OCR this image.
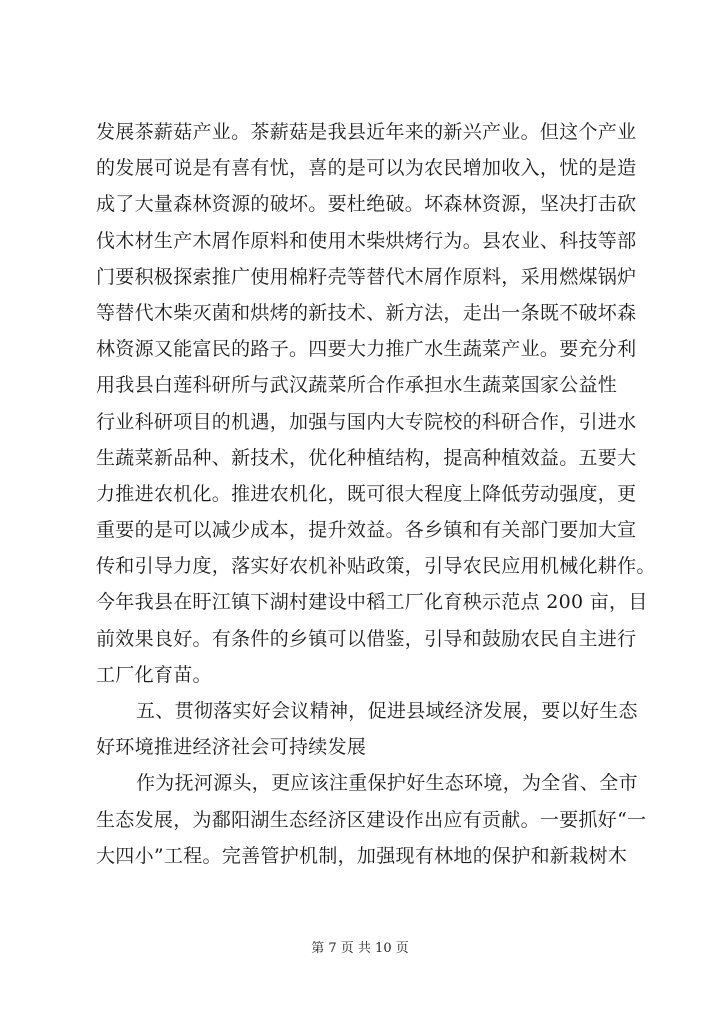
发展茶薪菇产业。茶薪菇是我县近年来的新兴产业。但这个产业
的发展可说是有喜有忧，喜的是可以为农民增加收入，忧的是造
成了大量森林资源的破坏。要杜绝破。坏森林资源，坚决打击砍
伐木材生产木屑作原料和使用木柴烘烤行为。县农业、科技等部
门要积极探索推广使用棉籽壳等替代木屑作原料，采用燃煤锅炉
等替代木柴灭菌和烘烤的新技术、新方法，走出一条既不破坏森
林资源又能富民的路子。四要大力推广水生蔬菜产业。要充分利
用我县白莲科研所与武汉蔬菜所合作承担水生蔬菜国家公益性
行业科研项目的机遇，加强与国内大专院校的科研合作，引进水
生蔬菜新品种、新技术，优化种植结构，提高种植效益。五要大
力推进农机化。推进农机化，既可很大程度上降低劳动强度，更
重要的是可以减少成本，提升效益。各乡镇和有关部门要加大宣
传和引导力度，落实好农机补贴政策，引导农民应用机械化耕作。
今年我县在盱江镇下湖村建设中稻工厂化育秧示范点 200 亩，目
前效果良好。有条件的乡镇可以借鉴，引导和鼓励农民自主进行
工厂化育苗。
五、贯彻落实好会议精神，促进县域经济发展，要以好生态
好环境推进经济社会可持续发展
作为抚河源头，更应该注重保护好生态环境，为全省、全市
生态发展，为鄱阳湖生态经济区建设作出应有贡献。一要抓好“一
大四小”工程。完善管护机制，加强现有林地的保护和新栽树木
第 7 页 共 10 页
